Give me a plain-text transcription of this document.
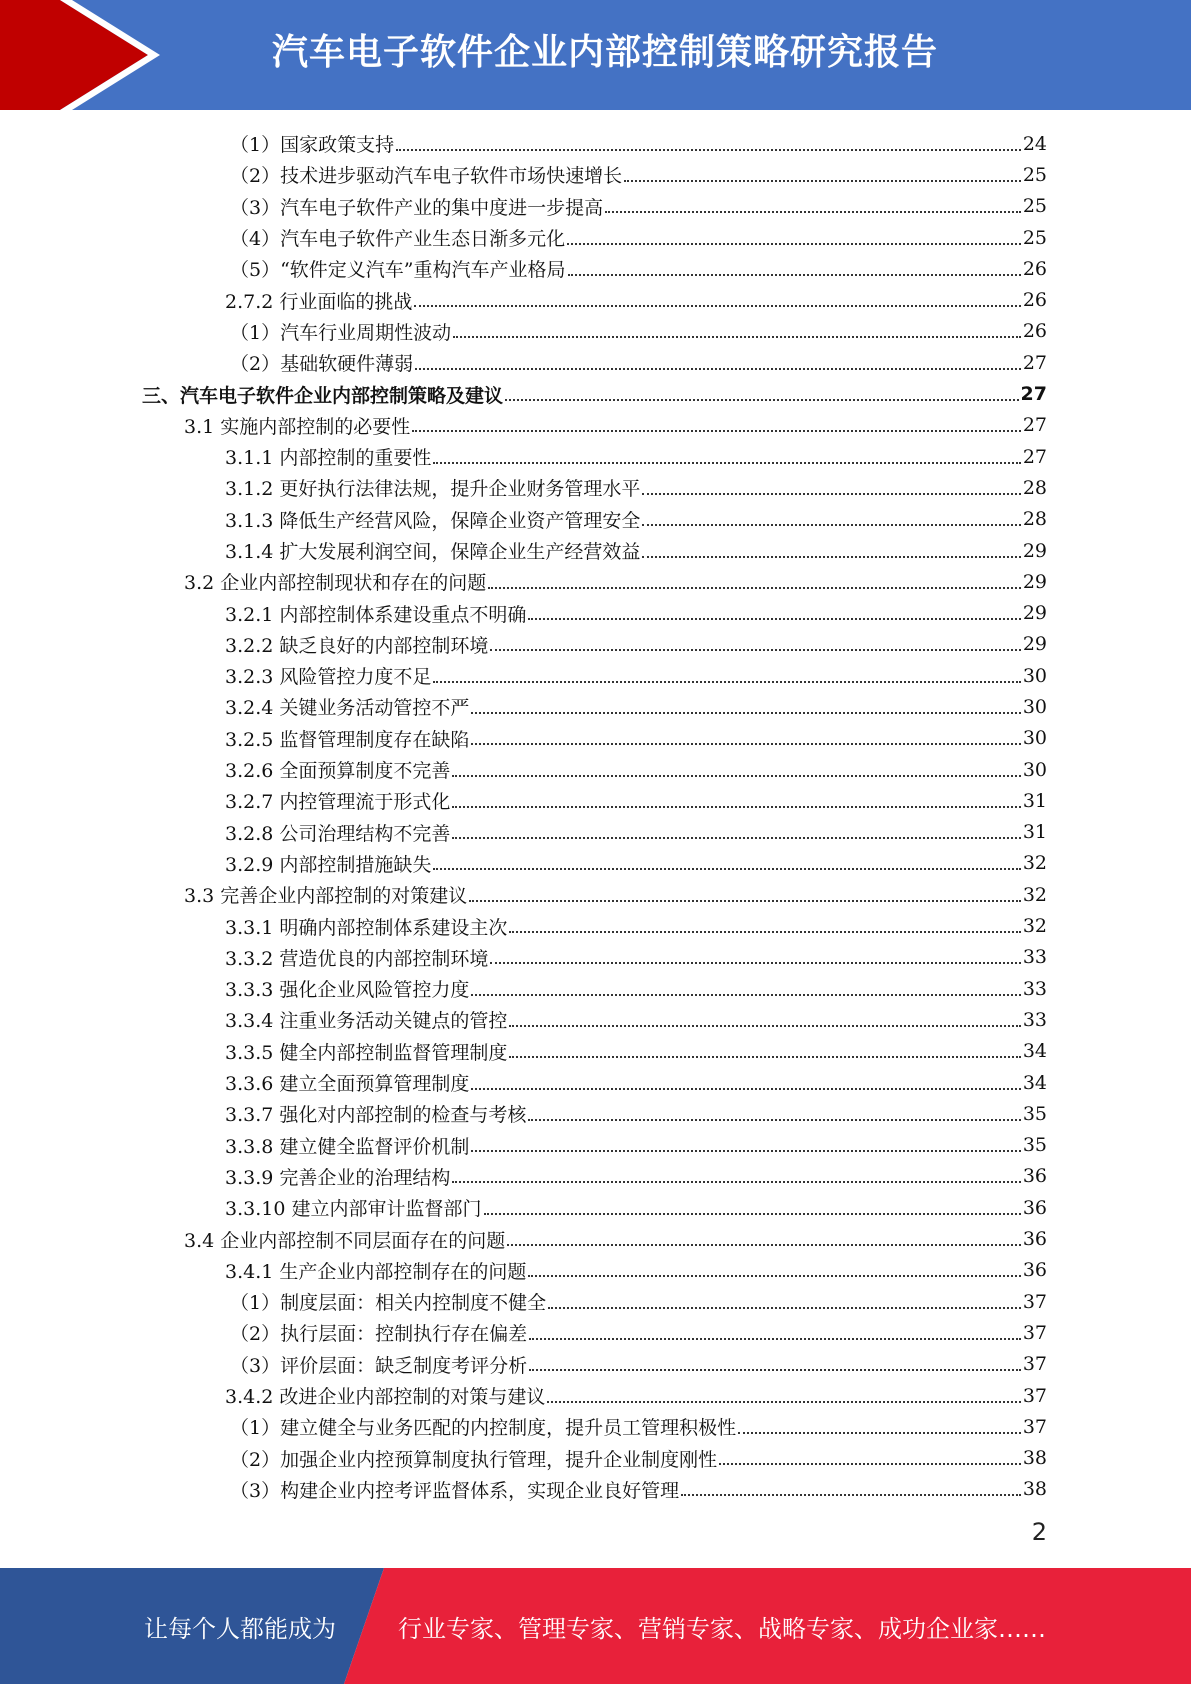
汽车电子软件企业内部控制策略研究报告
（1）国家政策支持	24
（2）技术进步驱动汽车电子软件市场快速增长	25
（3）汽车电子软件产业的集中度进一步提高	25
（4）汽车电子软件产业生态日渐多元化	25
（5）“软件定义汽车”重构汽车产业格局	26
2.7.2 行业面临的挑战	26
（1）汽车行业周期性波动	26
（2）基础软硬件薄弱	27
三、汽车电子软件企业内部控制策略及建议	27
3.1 实施内部控制的必要性	27
3.1.1 内部控制的重要性	27
3.1.2 更好执行法律法规，提升企业财务管理水平	28
3.1.3 降低生产经营风险，保障企业资产管理安全	28
3.1.4 扩大发展利润空间，保障企业生产经营效益	29
3.2 企业内部控制现状和存在的问题	29
3.2.1 内部控制体系建设重点不明确	29
3.2.2 缺乏良好的内部控制环境	29
3.2.3 风险管控力度不足	30
3.2.4 关键业务活动管控不严	30
3.2.5 监督管理制度存在缺陷	30
3.2.6 全面预算制度不完善	30
3.2.7 内控管理流于形式化	31
3.2.8 公司治理结构不完善	31
3.2.9 内部控制措施缺失	32
3.3 完善企业内部控制的对策建议	32
3.3.1 明确内部控制体系建设主次	32
3.3.2 营造优良的内部控制环境	33
3.3.3 强化企业风险管控力度	33
3.3.4 注重业务活动关键点的管控	33
3.3.5 健全内部控制监督管理制度	34
3.3.6 建立全面预算管理制度	34
3.3.7 强化对内部控制的检查与考核	35
3.3.8 建立健全监督评价机制	35
3.3.9 完善企业的治理结构	36
3.3.10 建立内部审计监督部门	36
3.4 企业内部控制不同层面存在的问题	36
3.4.1 生产企业内部控制存在的问题	36
（1）制度层面：相关内控制度不健全	37
（2）执行层面：控制执行存在偏差	37
（3）评价层面：缺乏制度考评分析	37
3.4.2 改进企业内部控制的对策与建议	37
（1）建立健全与业务匹配的内控制度，提升员工管理积极性	37
（2）加强企业内控预算制度执行管理，提升企业制度刚性	38
（3）构建企业内控考评监督体系，实现企业良好管理	38
2
让每个人都能成为	行业专家、管理专家、营销专家、战略专家、成功企业家……
